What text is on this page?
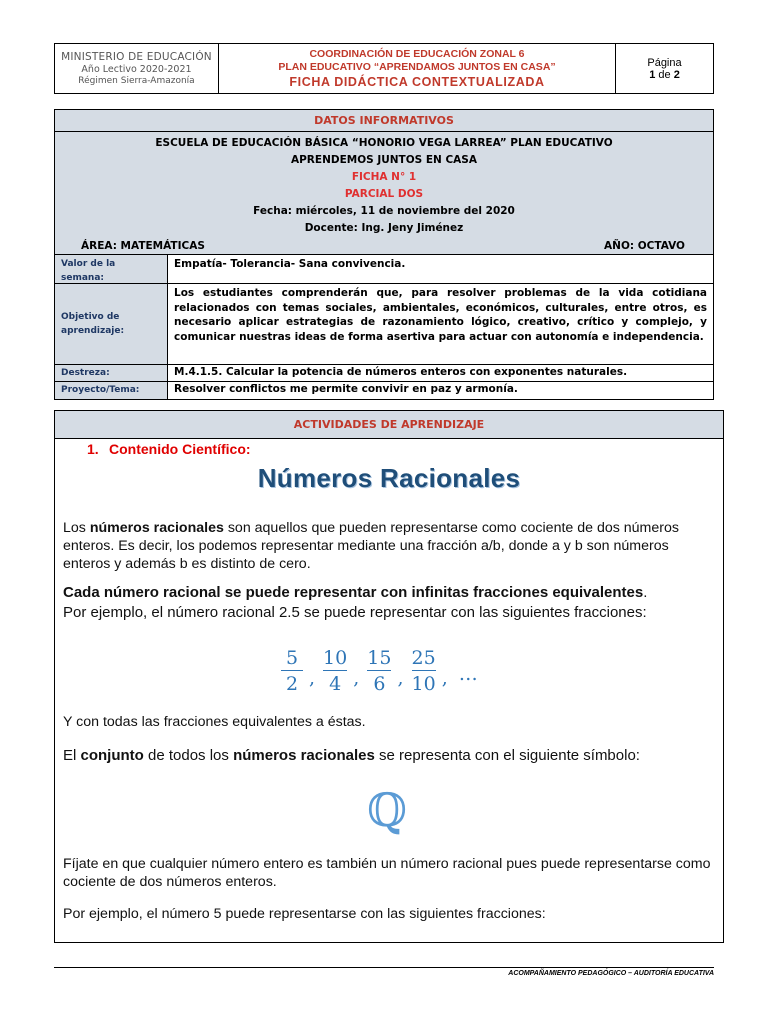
MINISTERIO DE EDUCACIÓN
Año Lectivo 2020-2021
Régimen Sierra-Amazonía
COORDINACIÓN DE EDUCACIÓN ZONAL 6
PLAN EDUCATIVO “APRENDAMOS JUNTOS EN CASA”
FICHA DIDÁCTICA CONTEXTUALIZADA
Página
1 de 2
DATOS INFORMATIVOS
ESCUELA DE EDUCACIÓN BÁSICA “HONORIO VEGA LARREA” PLAN EDUCATIVO
APRENDEMOS JUNTOS EN CASA
FICHA N° 1
PARCIAL DOS
Fecha: miércoles, 11 de noviembre del 2020
Docente: Ing. Jeny Jiménez
ÁREA: MATEMÁTICAS	AÑO: OCTAVO
Valor de la semana:
Empatía- Tolerancia- Sana convivencia.
Objetivo de aprendizaje:
Los estudiantes comprenderán que, para resolver problemas de la vida cotidiana relacionados con temas sociales, ambientales, económicos, culturales, entre otros, es necesario aplicar estrategias de razonamiento lógico, creativo, crítico y complejo, y comunicar nuestras ideas de forma asertiva para actuar con autonomía e independencia.
Destreza:	M.4.1.5. Calcular la potencia de números enteros con exponentes naturales.
Proyecto/Tema:	Resolver conflictos me permite convivir en paz y armonía.
ACTIVIDADES DE APRENDIZAJE
1. Contenido Científico:
Números Racionales
Los números racionales son aquellos que pueden representarse como cociente de dos números enteros. Es decir, los podemos representar mediante una fracción a/b, donde a y b son números enteros y además b es distinto de cero.
Cada número racional se puede representar con infinitas fracciones equivalentes.
Por ejemplo, el número racional 2.5 se puede representar con las siguientes fracciones:
$\frac{5}{2}$ , $\frac{10}{4}$ , $\frac{15}{6}$ , $\frac{25}{10}$ , …
Y con todas las fracciones equivalentes a éstas.
El conjunto de todos los números racionales se representa con el siguiente símbolo:
ℚ
Fíjate en que cualquier número entero es también un número racional pues puede representarse como cociente de dos números enteros.
Por ejemplo, el número 5 puede representarse con las siguientes fracciones:
ACOMPAÑAMIENTO PEDAGÓGICO – AUDITORÍA EDUCATIVA
